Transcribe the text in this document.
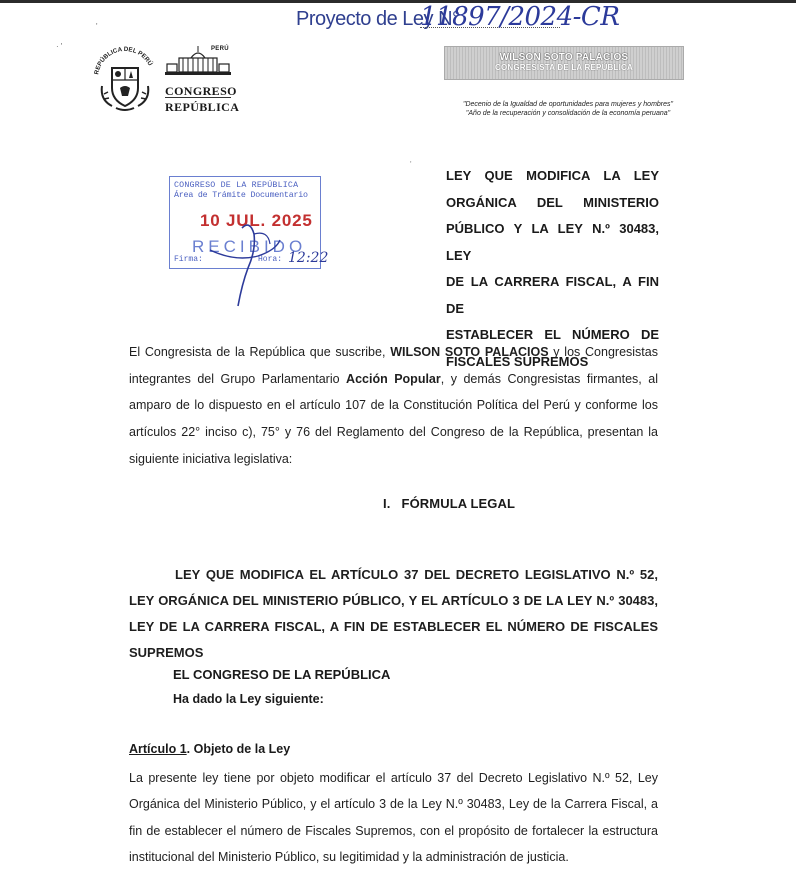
Proyecto de Ley N°
11897/2024-CR
'
· '
REPÚBLICA DEL PERÚ
PERÚ
CONGRESO
REPÚBLICA
WILSON SOTO PALACIOS
CONGRESISTA DE LA REPÚBLICA
"Decenio de la Igualdad de oportunidades para mujeres y hombres"
"Año de la recuperación y consolidación de la economía peruana"
'
CONGRESO DE LA REPÚBLICA
Área de Trámite Documentario
10 JUL. 2025
RECIBIDO
Firma:	Hora: 12:22
LEY QUE MODIFICA LA LEY
ORGÁNICA DEL MINISTERIO
PÚBLICO Y LA LEY N.º 30483, LEY
DE LA CARRERA FISCAL, A FIN DE
ESTABLECER EL NÚMERO DE
FISCALES SUPREMOS
El Congresista de la República que suscribe, WILSON SOTO PALACIOS y los Congresistas integrantes del Grupo Parlamentario Acción Popular, y demás Congresistas firmantes, al amparo de lo dispuesto en el artículo 107 de la Constitución Política del Perú y conforme los artículos 22° inciso c), 75° y 76 del Reglamento del Congreso de la República, presentan la siguiente iniciativa legislativa:
I.   FÓRMULA LEGAL
LEY QUE MODIFICA EL ARTÍCULO 37 DEL DECRETO LEGISLATIVO N.º 52, LEY ORGÁNICA DEL MINISTERIO PÚBLICO, Y EL ARTÍCULO 3 DE LA LEY N.º 30483, LEY DE LA CARRERA FISCAL, A FIN DE ESTABLECER EL NÚMERO DE FISCALES SUPREMOS
EL CONGRESO DE LA REPÚBLICA
Ha dado la Ley siguiente:
Artículo 1. Objeto de la Ley
La presente ley tiene por objeto modificar el artículo 37 del Decreto Legislativo N.º 52, Ley Orgánica del Ministerio Público, y el artículo 3 de la Ley N.º 30483, Ley de la Carrera Fiscal, a fin de establecer el número de Fiscales Supremos, con el propósito de fortalecer la estructura institucional del Ministerio Público, su legitimidad y la administración de justicia.
